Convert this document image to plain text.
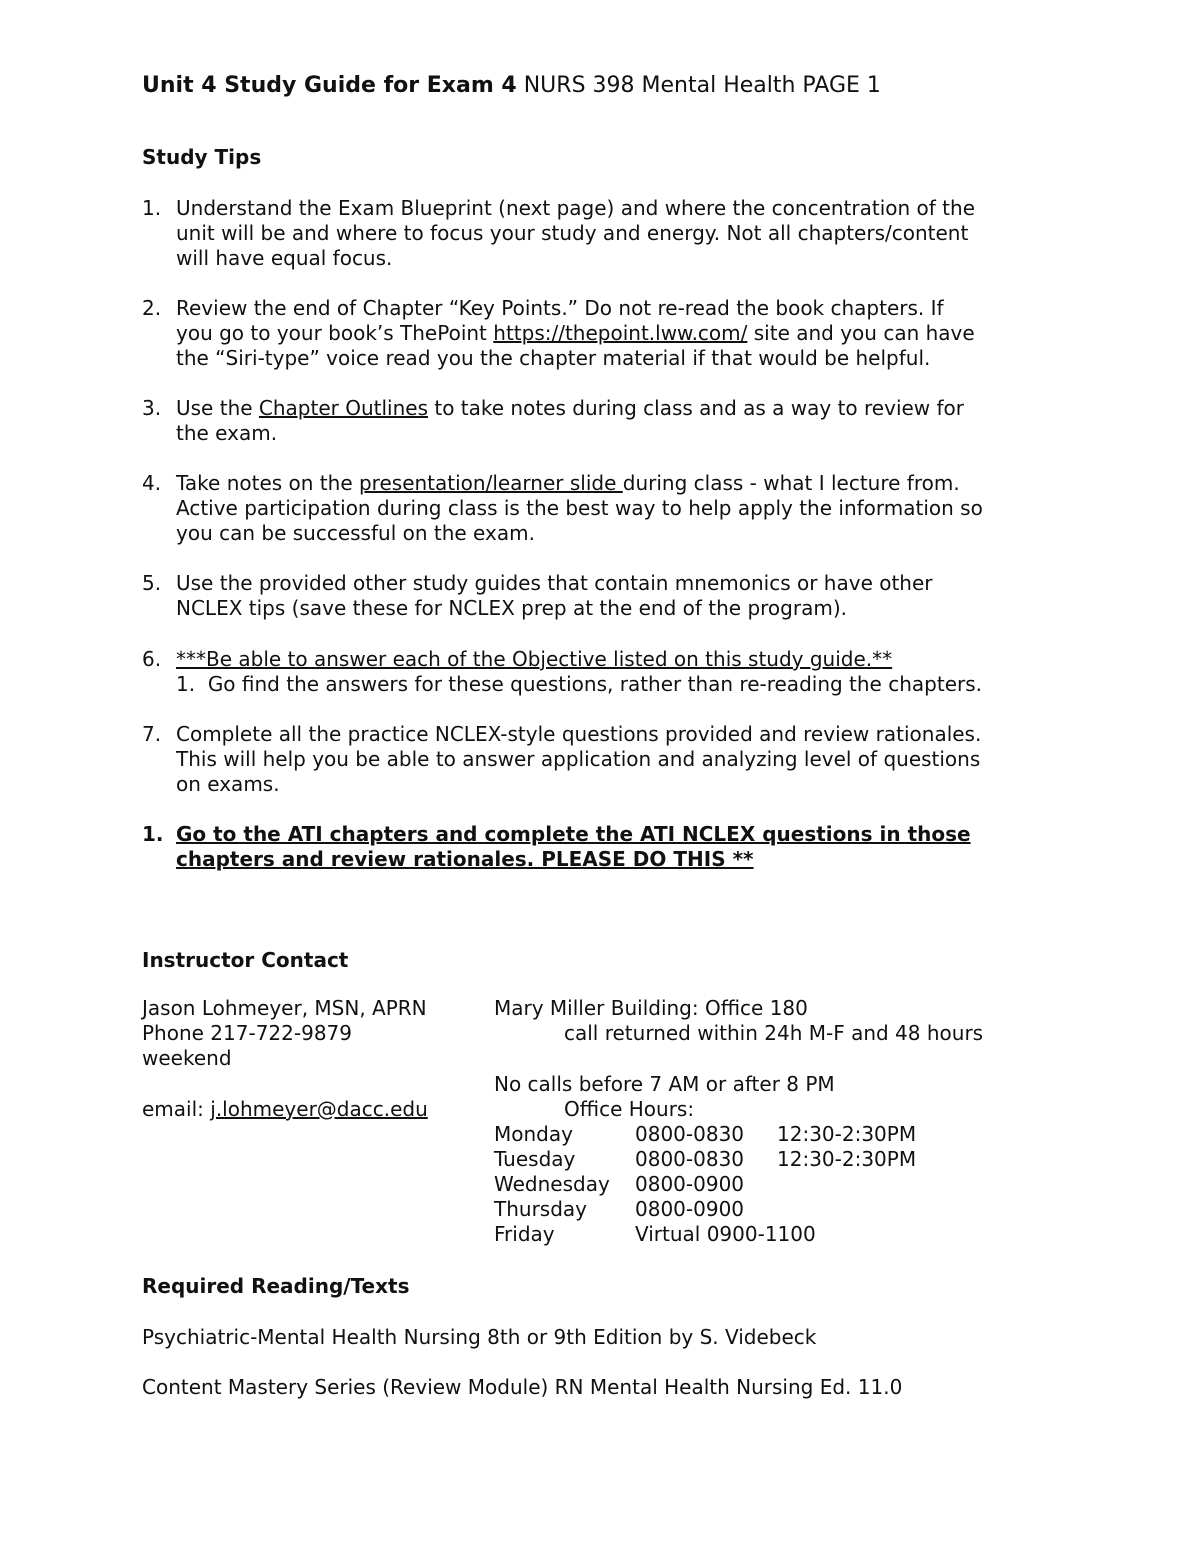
Unit 4 Study Guide for Exam 4 NURS 398 Mental Health PAGE 1
Study Tips
1. Understand the Exam Blueprint (next page) and where the concentration of the
unit will be and where to focus your study and energy. Not all chapters/content
will have equal focus.
2. Review the end of Chapter “Key Points.” Do not re-read the book chapters. If
you go to your book’s ThePoint https://thepoint.lww.com/ site and you can have
the “Siri-type” voice read you the chapter material if that would be helpful.
3. Use the Chapter Outlines to take notes during class and as a way to review for
the exam.
4. Take notes on the presentation/learner slide during class - what I lecture from.
Active participation during class is the best way to help apply the information so
you can be successful on the exam.
5. Use the provided other study guides that contain mnemonics or have other
NCLEX tips (save these for NCLEX prep at the end of the program).
6. ***Be able to answer each of the Objective listed on this study guide.**
1. Go find the answers for these questions, rather than re-reading the chapters.
7. Complete all the practice NCLEX-style questions provided and review rationales.
This will help you be able to answer application and analyzing level of questions
on exams.
1. Go to the ATI chapters and complete the ATI NCLEX questions in those
chapters and review rationales. PLEASE DO THIS **
Instructor Contact
Jason Lohmeyer, MSN, APRN
Phone 217-722-9879
weekend
email: j.lohmeyer@dacc.edu
Mary Miller Building: Office 180
call returned within 24h M-F and 48 hours
No calls before 7 AM or after 8 PM
Office Hours:
Monday	0800-0830 12:30-2:30PM
Tuesday	0800-0830 12:30-2:30PM
Wednesday 0800-0900
Thursday 0800-0900
Friday	Virtual 0900-1100
Required Reading/Texts
Psychiatric-Mental Health Nursing 8th or 9th Edition by S. Videbeck
Content Mastery Series (Review Module) RN Mental Health Nursing Ed. 11.0
